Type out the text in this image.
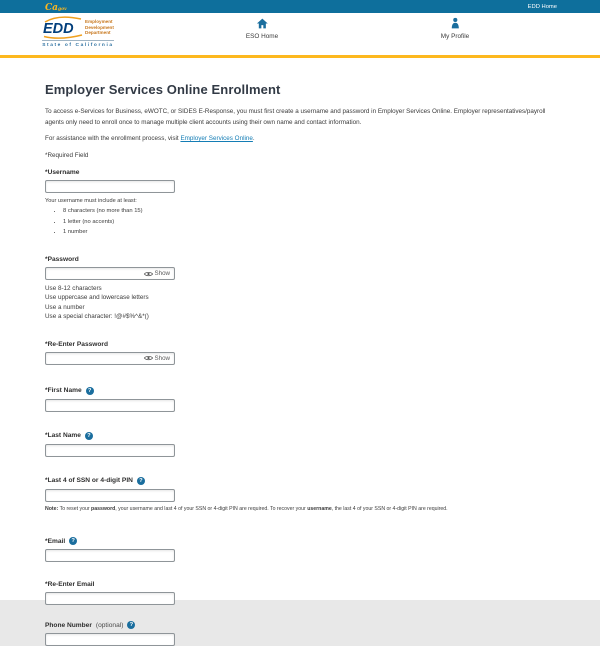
Cagov	EDD Home
EDD Employment
Development
Department
State of California
ESO Home	My Profile
Employer Services Online Enrollment

To access e-Services for Business, eWOTC, or SIDES E-Response, you must first create a username and password in Employer Services Online. Employer representatives/payroll agents only need to enroll once to manage multiple client accounts using their own name and contact information.

For assistance with the enrollment process, visit Employer Services Online.

*Required Field

*Username
Your username must include at least:
• 8 characters (no more than 15)
• 1 letter (no accents)
• 1 number
*Password
Show
Use 8-12 characters
Use uppercase and lowercase letters
Use a number
Use a special character: !@#$%^&*()
*Re-Enter Password
Show
*First Name	?
*Last Name	?
*Last 4 of SSN or 4-digit PIN	?
Note: To reset your password, your username and last 4 of your SSN or 4-digit PIN are required. To recover your username, the last 4 of your SSN or 4-digit PIN are required.
*Email	?
*Re-Enter Email
Phone Number (optional)	?
